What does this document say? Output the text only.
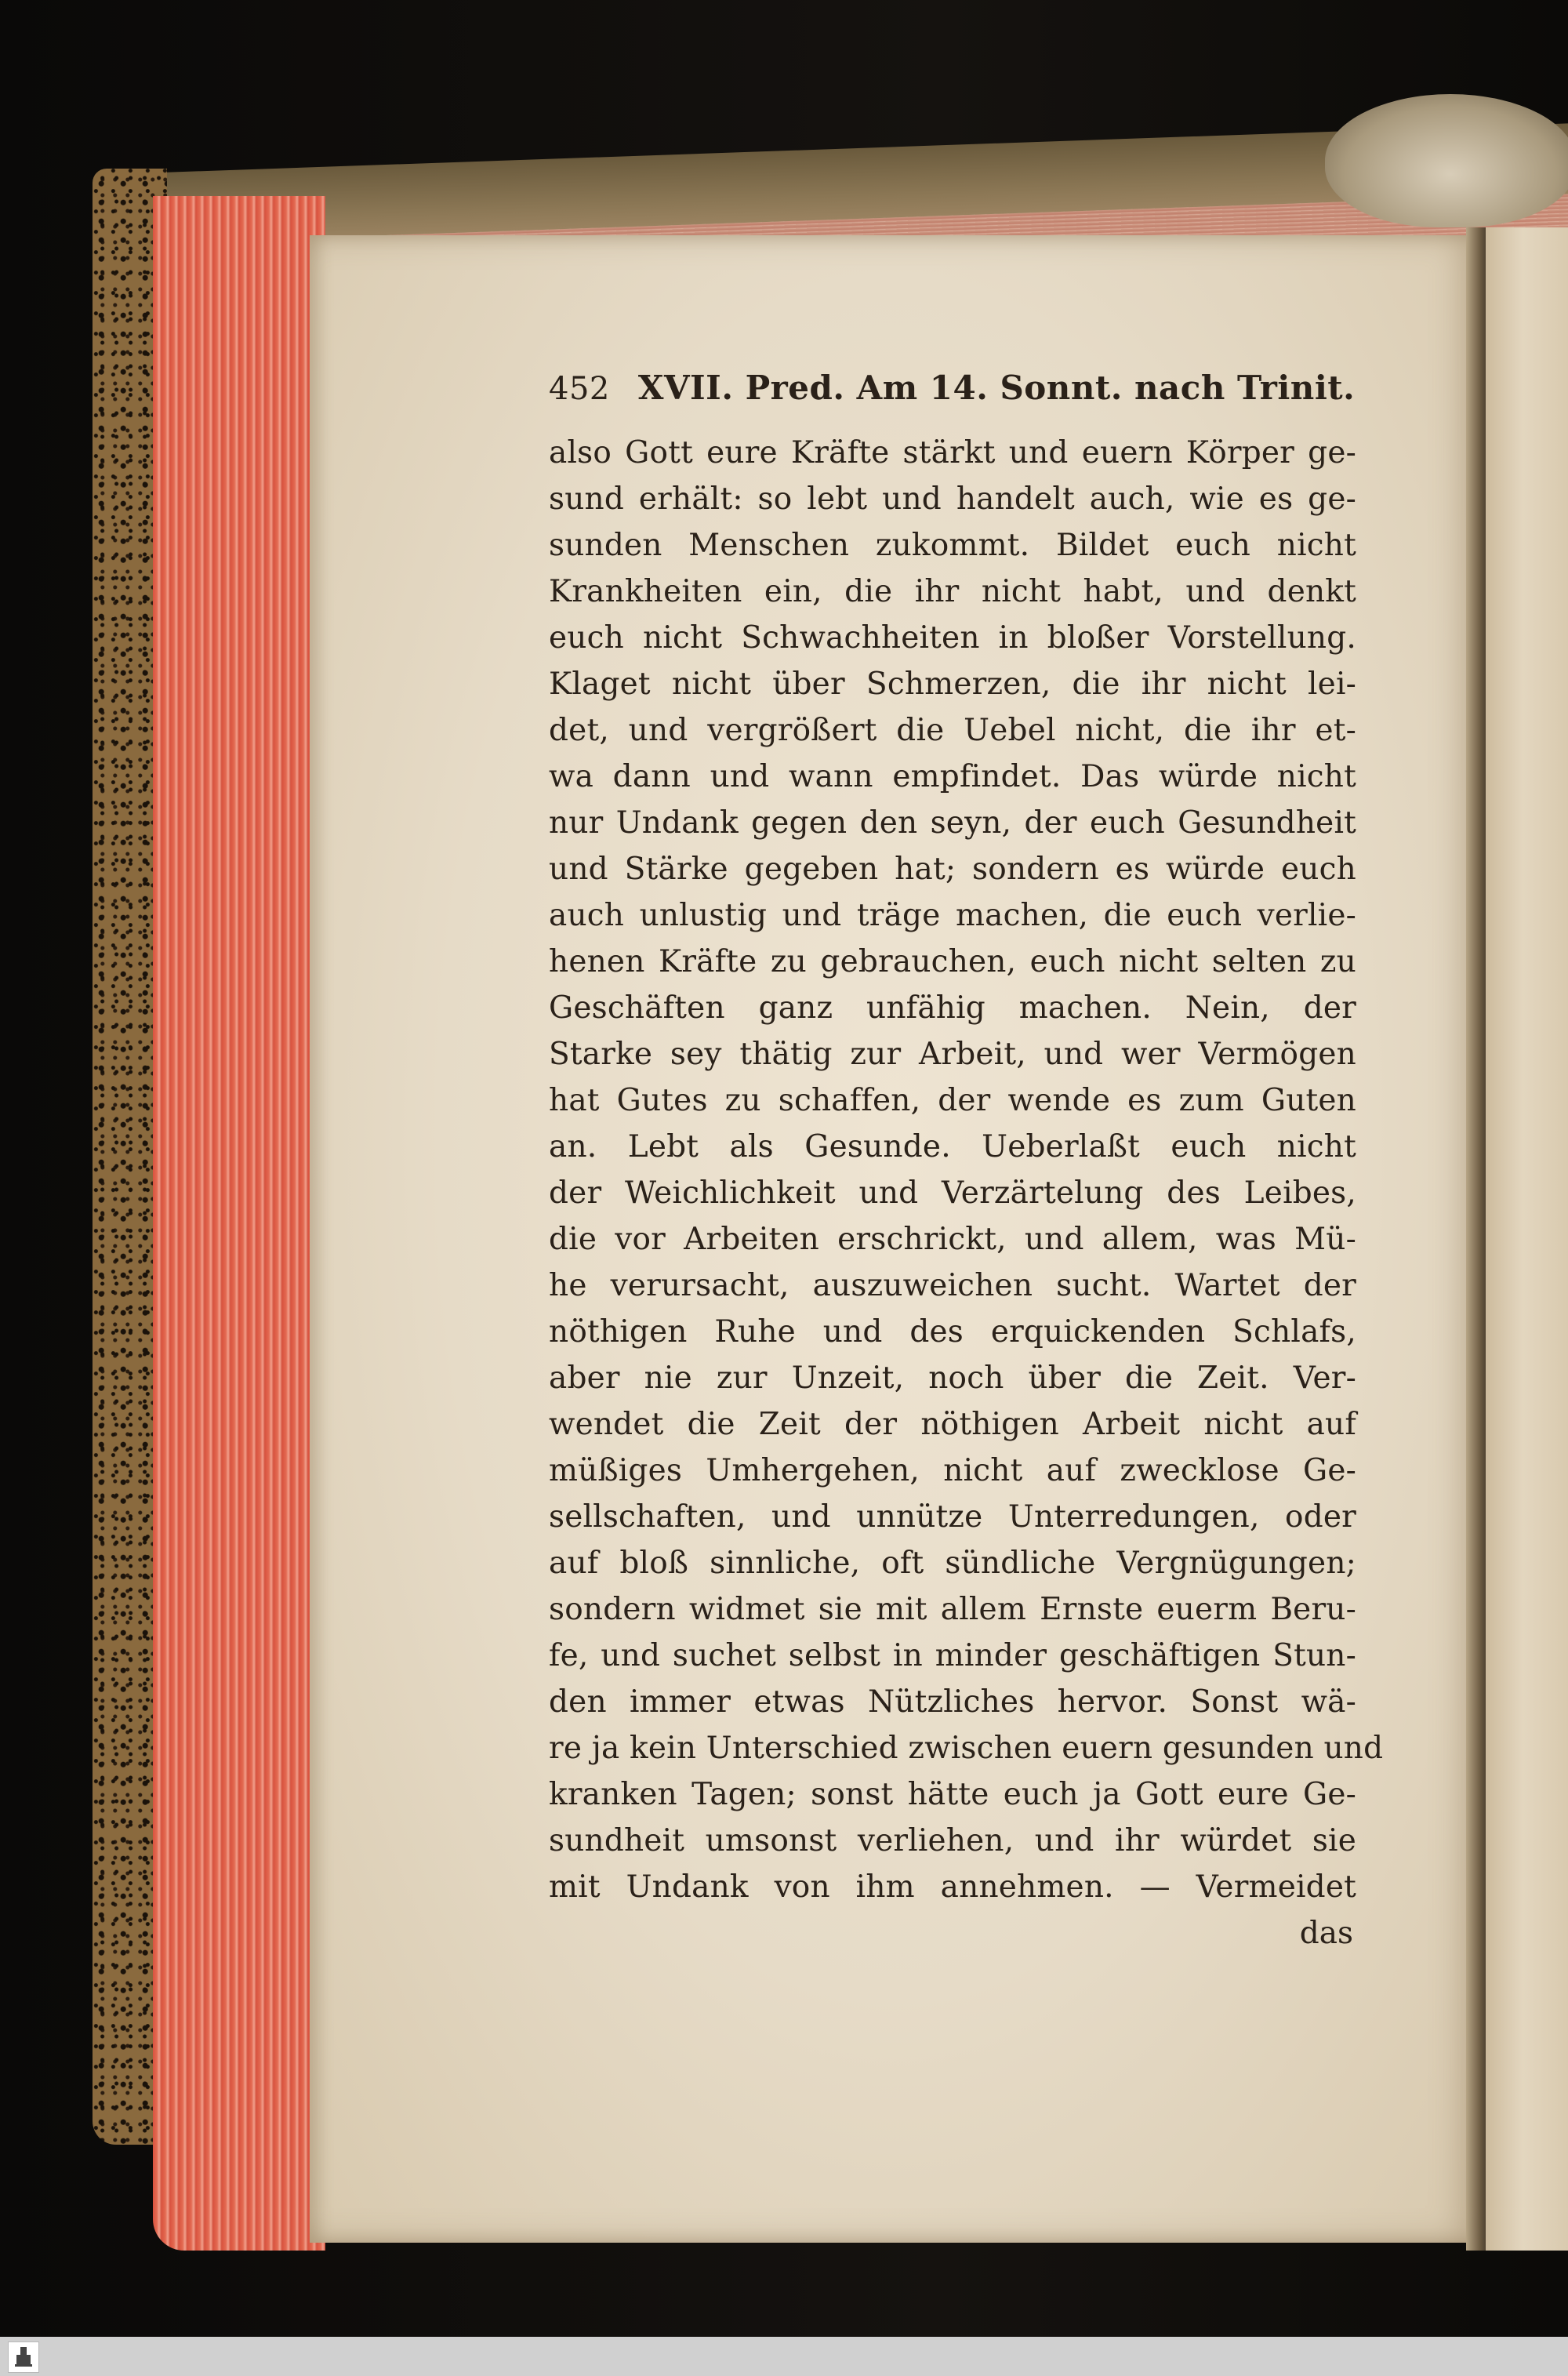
452 XVII. Pred. Am 14. Sonnt. nach Trinit.
also Gott eure Kräfte stärkt und euern Körper ge-
sund erhält: so lebt und handelt auch, wie es ge-
sunden Menschen zukommt. Bildet euch nicht
Krankheiten ein, die ihr nicht habt, und denkt
euch nicht Schwachheiten in bloßer Vorstellung.
Klaget nicht über Schmerzen, die ihr nicht lei-
det, und vergrößert die Uebel nicht, die ihr et-
wa dann und wann empfindet. Das würde nicht
nur Undank gegen den seyn, der euch Gesundheit
und Stärke gegeben hat; sondern es würde euch
auch unlustig und träge machen, die euch verlie-
henen Kräfte zu gebrauchen, euch nicht selten zu
Geschäften ganz unfähig machen. Nein, der
Starke sey thätig zur Arbeit, und wer Vermögen
hat Gutes zu schaffen, der wende es zum Guten
an. Lebt als Gesunde. Ueberlaßt euch nicht
der Weichlichkeit und Verzärtelung des Leibes,
die vor Arbeiten erschrickt, und allem, was Mü-
he verursacht, auszuweichen sucht. Wartet der
nöthigen Ruhe und des erquickenden Schlafs,
aber nie zur Unzeit, noch über die Zeit. Ver-
wendet die Zeit der nöthigen Arbeit nicht auf
müßiges Umhergehen, nicht auf zwecklose Ge-
sellschaften, und unnütze Unterredungen, oder
auf bloß sinnliche, oft sündliche Vergnügungen;
sondern widmet sie mit allem Ernste euerm Beru-
fe, und suchet selbst in minder geschäftigen Stun-
den immer etwas Nützliches hervor. Sonst wä-
re ja kein Unterschied zwischen euern gesunden und
kranken Tagen; sonst hätte euch ja Gott eure Ge-
sundheit umsonst verliehen, und ihr würdet sie
mit Undank von ihm annehmen. — Vermeidet
das
